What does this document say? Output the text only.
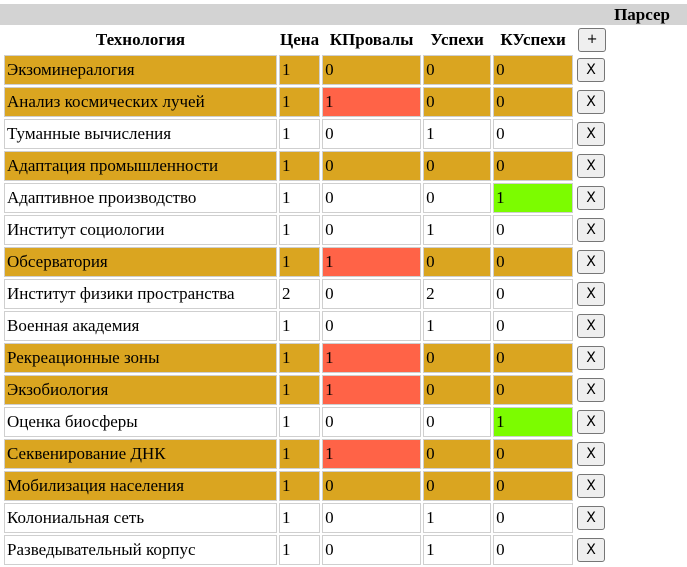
Парсер
Технология	Цена	КПровалы	Успехи	КУспехи	+
Экзоминералогия	1	0	0	0	X
Анализ космических лучей	1	1	0	0	X
Туманные вычисления	1	0	1	0	X
Адаптация промышленности	1	0	0	0	X
Адаптивное производство	1	0	0	1	X
Институт социологии	1	0	1	0	X
Обсерватория	1	1	0	0	X
Институт физики пространства	2	0	2	0	X
Военная академия	1	0	1	0	X
Рекреационные зоны	1	1	0	0	X
Экзобиология	1	1	0	0	X
Оценка биосферы	1	0	0	1	X
Секвенирование ДНК	1	1	0	0	X
Мобилизация населения	1	0	0	0	X
Колониальная сеть	1	0	1	0	X
Разведывательный корпус	1	0	1	0	X
